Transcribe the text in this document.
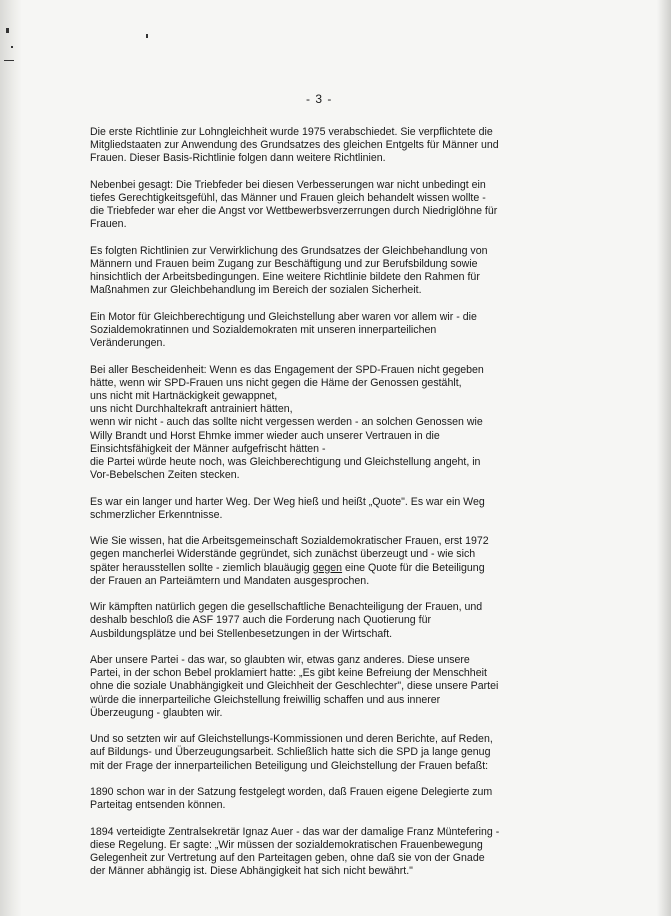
- 3 -
Die erste Richtlinie zur Lohngleichheit wurde 1975 verabschiedet. Sie verpflichtete die
Mitgliedstaaten zur Anwendung des Grundsatzes des gleichen Entgelts für Männer und
Frauen. Dieser Basis-Richtlinie folgen dann weitere Richtlinien.
Nebenbei gesagt: Die Triebfeder bei diesen Verbesserungen war nicht unbedingt ein
tiefes Gerechtigkeitsgefühl, das Männer und Frauen gleich behandelt wissen wollte -
die Triebfeder war eher die Angst vor Wettbewerbsverzerrungen durch Niedriglöhne für
Frauen.
Es folgten Richtlinien zur Verwirklichung des Grundsatzes der Gleichbehandlung von
Männern und Frauen beim Zugang zur Beschäftigung und zur Berufsbildung sowie
hinsichtlich der Arbeitsbedingungen. Eine weitere Richtlinie bildete den Rahmen für
Maßnahmen zur Gleichbehandlung im Bereich der sozialen Sicherheit.
Ein Motor für Gleichberechtigung und Gleichstellung aber waren vor allem wir - die
Sozialdemokratinnen und Sozialdemokraten mit unseren innerparteilichen
Veränderungen.
Bei aller Bescheidenheit: Wenn es das Engagement der SPD-Frauen nicht gegeben
hätte, wenn wir SPD-Frauen uns nicht gegen die Häme der Genossen gestählt,
uns nicht mit Hartnäckigkeit gewappnet,
uns nicht Durchhaltekraft antrainiert hätten,
wenn wir nicht - auch das sollte nicht vergessen werden - an solchen Genossen wie
Willy Brandt und Horst Ehmke immer wieder auch unserer Vertrauen in die
Einsichtsfähigkeit der Männer aufgefrischt hätten -
die Partei würde heute noch, was Gleichberechtigung und Gleichstellung angeht, in
Vor-Bebelschen Zeiten stecken.
Es war ein langer und harter Weg. Der Weg hieß und heißt „Quote". Es war ein Weg
schmerzlicher Erkenntnisse.
Wie Sie wissen, hat die Arbeitsgemeinschaft Sozialdemokratischer Frauen, erst 1972
gegen mancherlei Widerstände gegründet, sich zunächst überzeugt und - wie sich
später herausstellen sollte - ziemlich blauäugig gegen eine Quote für die Beteiligung
der Frauen an Parteiämtern und Mandaten ausgesprochen.
Wir kämpften natürlich gegen die gesellschaftliche Benachteiligung der Frauen, und
deshalb beschloß die ASF 1977 auch die Forderung nach Quotierung für
Ausbildungsplätze und bei Stellenbesetzungen in der Wirtschaft.
Aber unsere Partei - das war, so glaubten wir, etwas ganz anderes. Diese unsere
Partei, in der schon Bebel proklamiert hatte: „Es gibt keine Befreiung der Menschheit
ohne die soziale Unabhängigkeit und Gleichheit der Geschlechter", diese unsere Partei
würde die innerparteiliche Gleichstellung freiwillig schaffen und aus innerer
Überzeugung - glaubten wir.
Und so setzten wir auf Gleichstellungs-Kommissionen und deren Berichte, auf Reden,
auf Bildungs- und Überzeugungsarbeit. Schließlich hatte sich die SPD ja lange genug
mit der Frage der innerparteilichen Beteiligung und Gleichstellung der Frauen befaßt:
1890 schon war in der Satzung festgelegt worden, daß Frauen eigene Delegierte zum
Parteitag entsenden können.
1894 verteidigte Zentralsekretär Ignaz Auer - das war der damalige Franz Müntefering -
diese Regelung. Er sagte: „Wir müssen der sozialdemokratischen Frauenbewegung
Gelegenheit zur Vertretung auf den Parteitagen geben, ohne daß sie von der Gnade
der Männer abhängig ist. Diese Abhängigkeit hat sich nicht bewährt."
